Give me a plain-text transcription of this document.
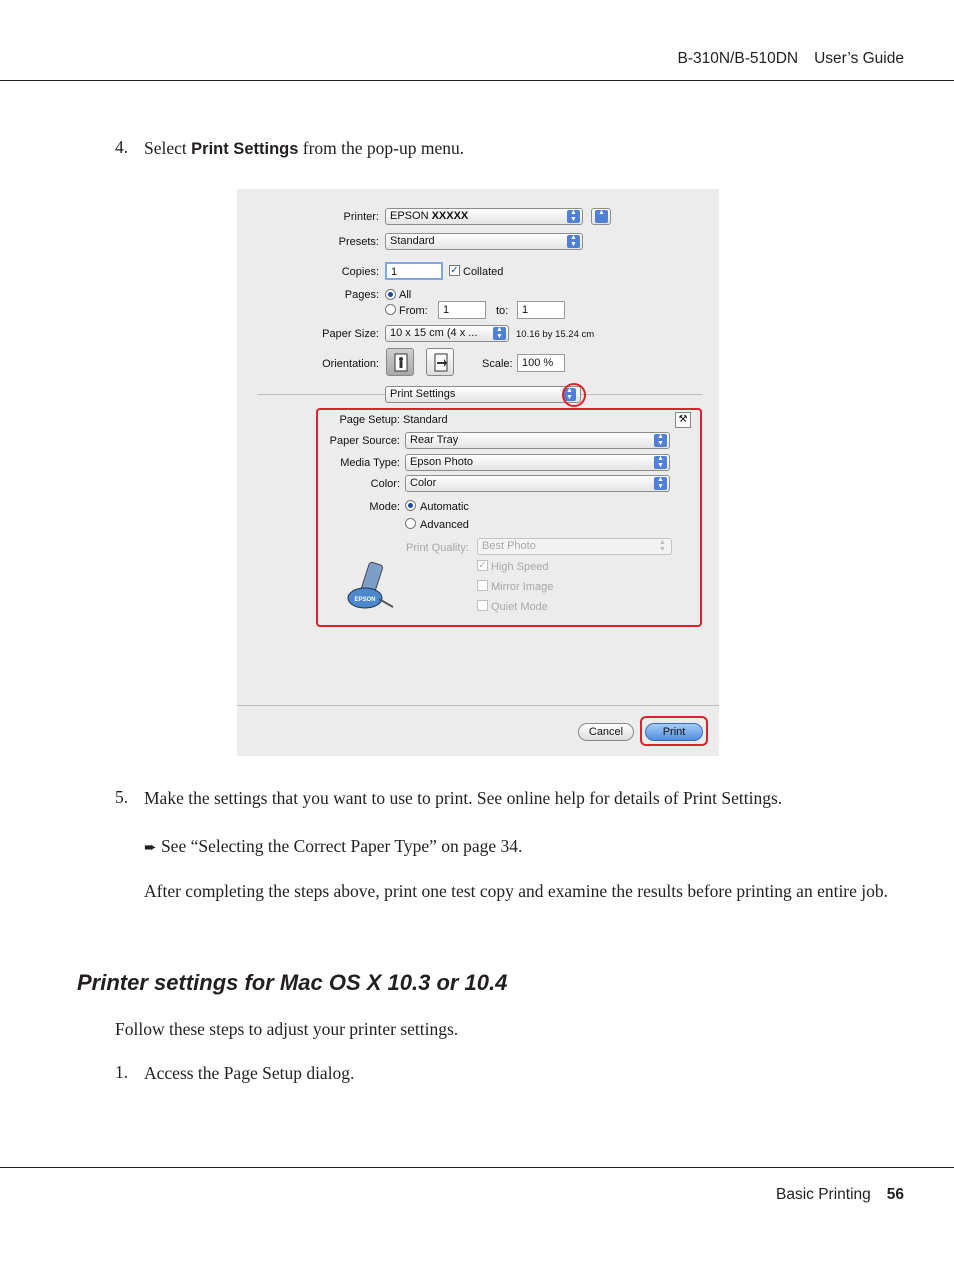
B-310N/B-510DN User’s Guide
4. Select Print Settings from the pop-up menu.
Printer:	EPSON XXXXX	▲
▼
▲
Presets:	Standard	▲
▼
Copies:	1	✓ Collated
Pages: All
From:	1	to:	1
Paper Size:	10 x 15 cm (4 x ...	▲
▼	10.16 by 15.24 cm
Orientation:	Scale: 100 %
Print Settings	▲
▼
Page Setup: Standard	⚒
Paper Source: Rear Tray	▲
▼
Media Type: Epson Photo	▲
▼
Color: Color	▲
▼
Mode: Automatic
Advanced
Print Quality:	Best Photo	▲
▼
✓ High Speed
Mirror Image
Quiet Mode
EPSON
Cancel	Print
5. Make the settings that you want to use to print. See online help for details of Print Settings.
➨ See “Selecting the Correct Paper Type” on page 34.
After completing the steps above, print one test copy and examine the results before printing an entire job.
Printer settings for Mac OS X 10.3 or 10.4
Follow these steps to adjust your printer settings.
1. Access the Page Setup dialog.
Basic Printing 56
